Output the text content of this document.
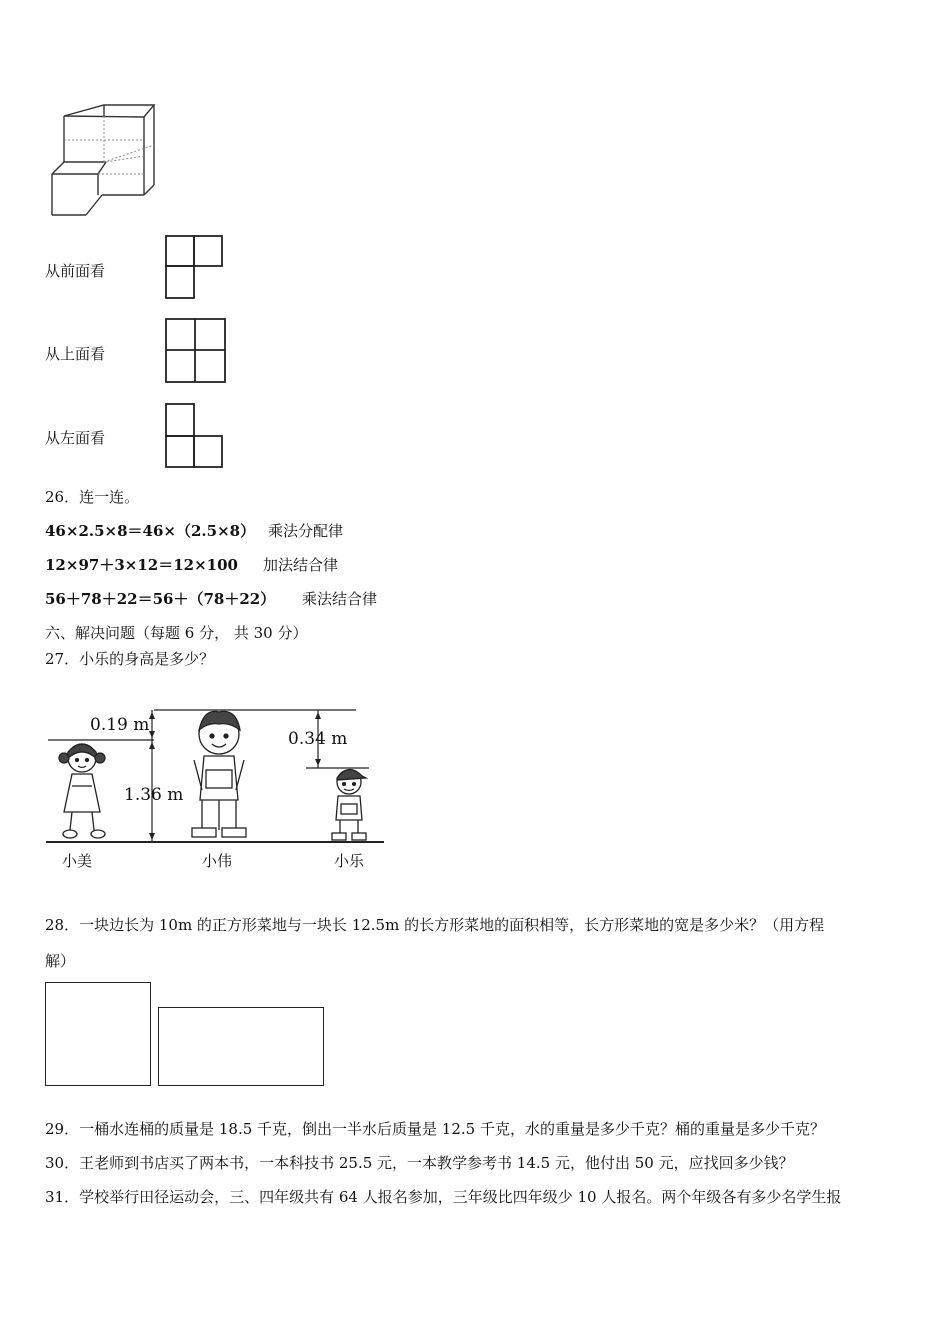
从前面看
从上面看
从左面看
26．连一连。
46×2.5×8＝46×（2.5×8） 乘法分配律
12×97＋3×12＝12×100 加法结合律
56＋78＋22＝56＋（78＋22） 乘法结合律
六、解决问题（每题 6 分， 共 30 分）
27．小乐的身高是多少？
0.19 m
1.36 m
0.34 m
小美	小伟	小乐
28．一块边长为 10m 的正方形菜地与一块长 12.5m 的长方形菜地的面积相等，长方形菜地的宽是多少米？（用方程
解）
29．一桶水连桶的质量是 18.5 千克，倒出一半水后质量是 12.5 千克，水的重量是多少千克？桶的重量是多少千克？
30．王老师到书店买了两本书，一本科技书 25.5 元，一本教学参考书 14.5 元，他付出 50 元，应找回多少钱？
31．学校举行田径运动会，三、四年级共有 64 人报名参加，三年级比四年级少 10 人报名。两个年级各有多少名学生报
